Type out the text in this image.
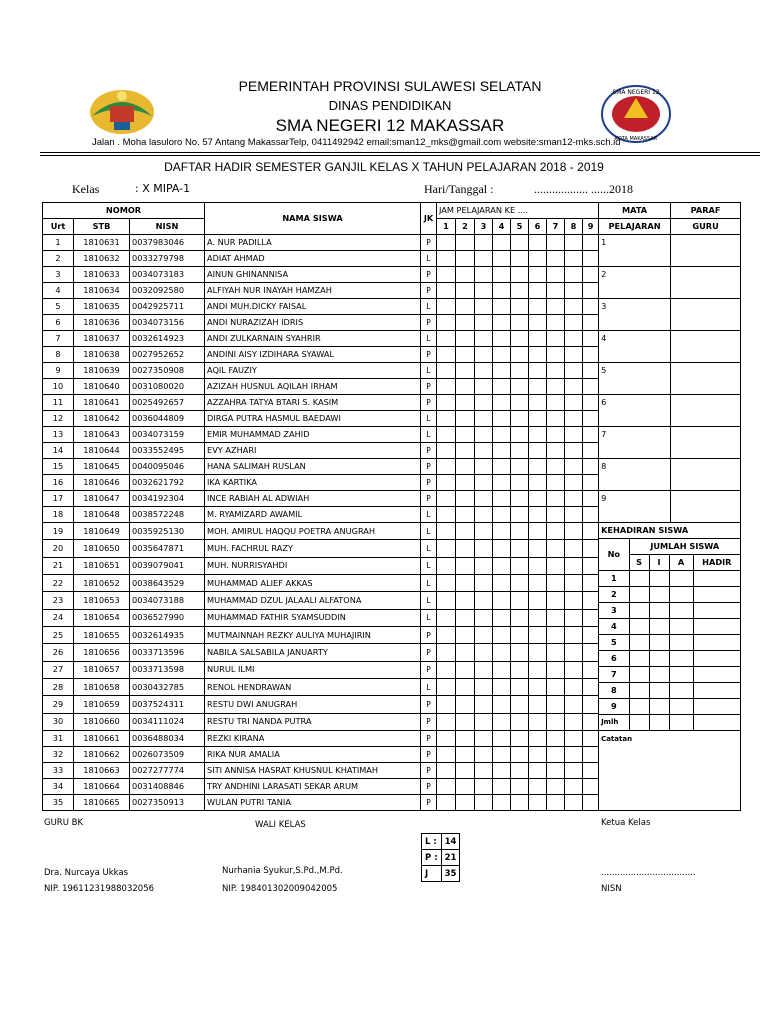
PEMERINTAH PROVINSI SULAWESI SELATAN
DINAS PENDIDIKAN
SMA NEGERI 12 MAKASSAR
SMA NEGERI 12
KOTA MAKASSAR
Jalan . Moha lasuloro No. 57 Antang MakassarTelp, 0411492942 email:sman12_mks@gmail.com website:sman12-mks.sch.id
DAFTAR HADIR SEMESTER GANJIL KELAS X TAHUN PELAJARAN 2018 - 2019
Kelas	: X MIPA-1	Hari/Tanggal :	.................. ......2018
NOMOR	NAMA SISWA	JK	JAM PELAJARAN KE ....	MATA	PARAF
Urt	STB	NISN	1	2	3	4	5	6	7	8	9	PELAJARAN	GURU
1	1810631	0037983046	A. NUR PADILLA	P										1	
2	1810632	0033279798	ADIAT AHMAD	L									
3	1810633	0034073183	AINUN GHINANNISA	P										2	
4	1810634	0032092580	ALFIYAH NUR INAYAH HAMZAH	P									
5	1810635	0042925711	ANDI MUH.DICKY FAISAL	L										3	
6	1810636	0034073156	ANDI NURAZIZAH IDRIS	P									
7	1810637	0032614923	ANDI ZULKARNAIN SYAHRIR	L										4	
8	1810638	0027952652	ANDINI AISY IZDIHARA SYAWAL	P									
9	1810639	0027350908	AQIL FAUZIY	L										5	
10	1810640	0031080020	AZIZAH HUSNUL AQILAH IRHAM	P									
11	1810641	0025492657	AZZAHRA TATYA BTARI S. KASIM	P										6	
12	1810642	0036044809	DIRGA PUTRA HASMUL BAEDAWI	L									
13	1810643	0034073159	EMIR MUHAMMAD ZAHID	L										7	
14	1810644	0033552495	EVY AZHARI	P									
15	1810645	0040095046	HANA SALIMAH RUSLAN	P										8	
16	1810646	0032621792	IKA KARTIKA	P									
17	1810647	0034192304	INCE RABIAH AL ADWIAH	P										9	
18	1810648	0038572248	M. RYAMIZARD AWAMIL	L									
19	1810649	0035925130	MOH. AMIRUL HAQQU POETRA ANUGRAH	L											KEHADIRAN SISWA
No	JUMLAH SISWA
S	I	A	HADIR
1				
2				
3				
4				
5				
6				
7				
8				
9				
Jmlh				

20	1810650	0035647871	MUH. FACHRUL RAZY	L									
21	1810651	0039079041	MUH. NURRISYAHDI	L									
22	1810652	0038643529	MUHAMMAD ALIEF AKKAS	L									
23	1810653	0034073188	MUHAMMAD DZUL JALAALI ALFATONA	L									
24	1810654	0036527990	MUHAMMAD FATHIR SYAMSUDDIN	L									
25	1810655	0032614935	MUTMAINNAH REZKY AULIYA MUHAJIRIN	P									
26	1810656	0033713596	NABILA SALSABILA JANUARTY	P									
27	1810657	0033713598	NURUL ILMI	P									
28	1810658	0030432785	RENOL HENDRAWAN	L									
29	1810659	0037524311	RESTU DWI ANUGRAH	P									
30	1810660	0034111024	RESTU TRI NANDA PUTRA	P									
31	1810661	0036488034	REZKI KIRANA	P										Catatan
32	1810662	0026073509	RIKA NUR AMALIA	P									
33	1810663	0027277774	SITI ANNISA HASRAT KHUSNUL KHATIMAH	P									
34	1810664	0031408846	TRY ANDHINI LARASATI SEKAR ARUM	P									
35	1810665	0027350913	WULAN PUTRI TANIA	P									
GURU BK	WALI KELAS	Ketua Kelas
L :	14
P :	21
J	35
Dra. Nurcaya Ukkas	Nurhania Syukur,S.Pd.,M.Pd.	...................................
NIP. 19611231988032056	NIP. 198401302009042005	NISN
